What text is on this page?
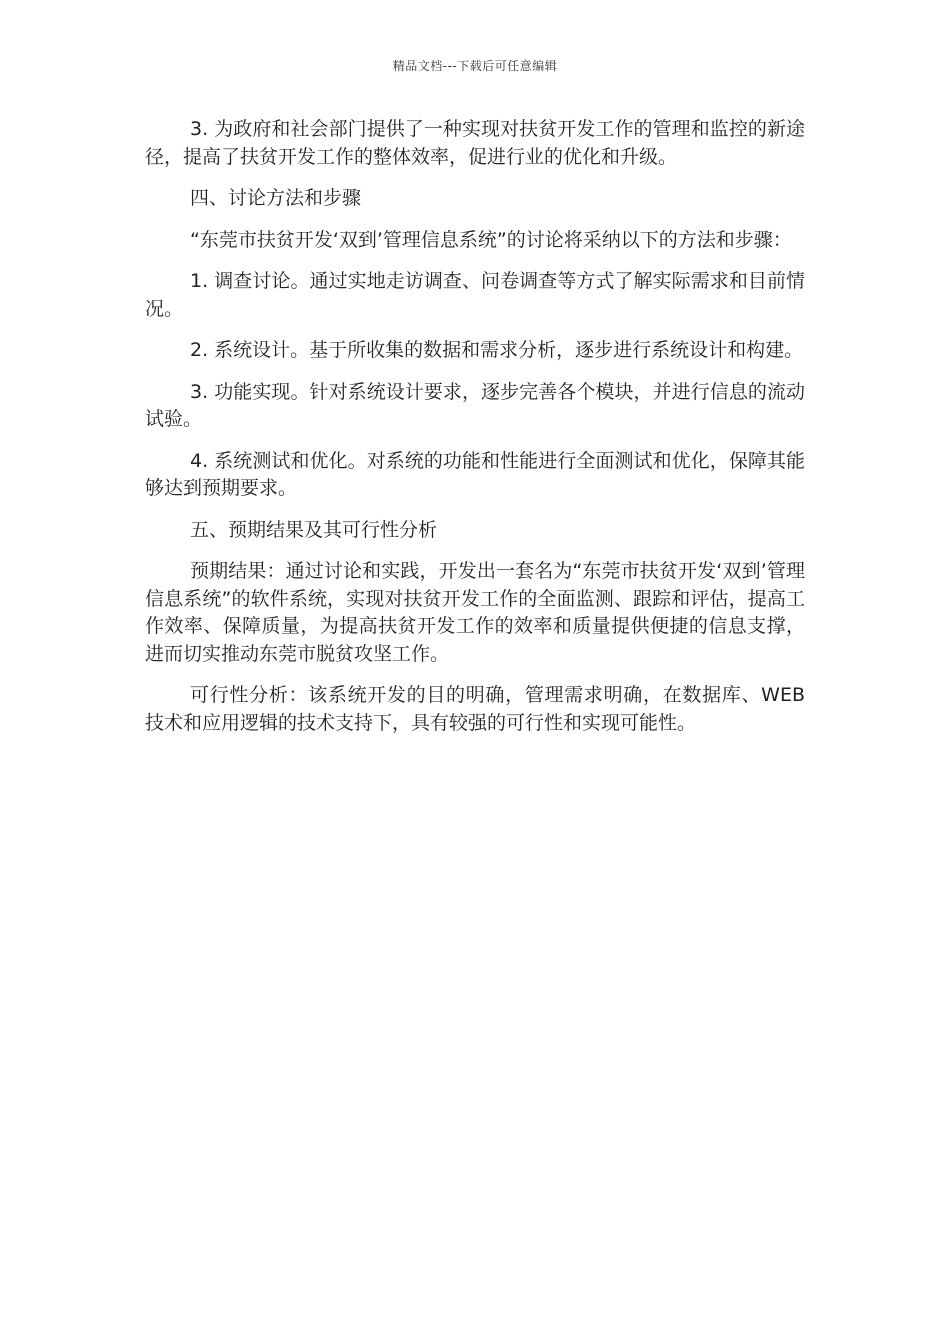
精品文档---下载后可任意编辑

3. 为政府和社会部门提供了一种实现对扶贫开发工作的管理和监控的新途径，提高了扶贫开发工作的整体效率，促进行业的优化和升级。

四、讨论方法和步骤

“东莞市扶贫开发‘双到’管理信息系统”的讨论将采纳以下的方法和步骤：

1. 调查讨论。通过实地走访调查、问卷调查等方式了解实际需求和目前情况。

2. 系统设计。基于所收集的数据和需求分析，逐步进行系统设计和构建。

3. 功能实现。针对系统设计要求，逐步完善各个模块，并进行信息的流动试验。

4. 系统测试和优化。对系统的功能和性能进行全面测试和优化，保障其能够达到预期要求。

五、预期结果及其可行性分析

预期结果：通过讨论和实践，开发出一套名为“东莞市扶贫开发‘双到’管理信息系统”的软件系统，实现对扶贫开发工作的全面监测、跟踪和评估，提高工作效率、保障质量，为提高扶贫开发工作的效率和质量提供便捷的信息支撑，进而切实推动东莞市脱贫攻坚工作。

可行性分析：该系统开发的目的明确，管理需求明确，在数据库、WEB 技术和应用逻辑的技术支持下，具有较强的可行性和实现可能性。
